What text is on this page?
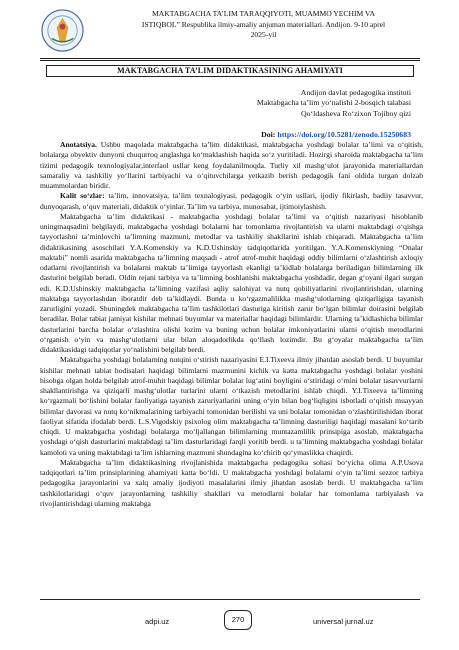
MAKTABGACHA TA’LIM TARAQQIYOTI, MUAMMO YECHIM VA
ISTIQBOL” Respublika ilmiy-amaliy anjuman materiallari. Andijon. 9-10 aprel
2025-yil
MAKTABGACHA TA’LIM DIDAKTIKASINING AHAMIYATI
Andijon davlat pedagogika instituti
Maktabgacha ta’lim yo‘nalishi 2-bosqich talabasi
Qo‘ldasheva Ro‘zixon Tojiboy qizi
Doi: https://doi.org/10.5281/zenodo.15250683

Anotatsiya. Ushbu maqolada maktabgacha ta’lim didaktikasi, maktabgacha yoshdagi bolalar ta’limi va o‘qitish, bolalarga obyektiv dunyoni chuqurroq anglashga ko‘maklashish haqida so‘z yuritiladi. Hozirgi sharoida maktabgacha ta’lim tizimi pedagogik texnologiyalar,interfaol usllar keng foydalanilmoqda. Turliy xil mashg‘ulot jarayonida materiallardan samaraliy va tashkiliy yo‘llarini tarbiyachi va o‘qituvchilarga yetkazib berish pedagogik fani oldida turgan dolzab muammolardan biridir.

Kalit so‘zlar: ta’lim, innovatsiya, ta’lim texnalogiyasi, pedagogik o‘yin usllari, ijodiy fikirlash, badiiy tasavvur, dunyoqarash, o‘quv materiali, didaktik o‘yinlar. Ta’lim va tarbiya, munosabat, ijtimoiylashish.

Maktabgacha ta’lim didaktikasi - maktabgacha yoshdagi bolalar ta’limi va o‘qitish nazariyasi hisoblanib uningmaqsadini belgilaydi, maktabgacha yoshdagi bolalarni har tomonlama rivojlantirish va ularni maktabdagi o‘qishga tayyorlashni ta’minlovchi ta’limning mazmuni, metodlar va tashkiliy shakllarini ishlab chiqaradi. Maktabgacha ta’lim didaktikasining asoschilari Y.A.Komenskiy va K.D.Ushinskiy tadqiqotlarida yoritilgan. Y.A.Komenskiyning “Onalar maktabi” nomli asarida maktabgacha ta’limning maqsadi - atrof atrof-muhit haqidagi oddiy bilimlarni o‘zlashtirish axloqiy odatlarni rivojlantirish va bolalarni maktab ta’limiga tayyorlash ekanligi ta’kidlab bolalarga beriladigan bilimlarning ilk dasturini belgilab beradi. Oldin rejani tarbiya va ta’limning boshlanishi maktabgacha yoshdadir, degan g‘oyani ilgari surgan edi. K.D.Ushinskiy maktabgacha ta’limning vazifasi aqliy salohiyat va nutq qobiliyatlarini rivojlantirishdan, ularning maktabga tayyorlashdan iboratdir deb ta’kidlaydi. Bunda u ko‘rgazmalilikka mashg‘ulotlarning qiziqarligiga tayanish zarurligini yozadi. Shuningdek maktabgacha ta’lim tashkilotlari dasturiga kiritish zarur bo‘lgan bilimlar doirasini belgilab beradilar. Bular tabiat jamiyat kishilar mehnati buyumlar va materiallar haqidagi bilimlardir. Ularning ta’kidlashicha bilimlar dasturlarini barcha bolalar o‘zlashtira olishi lozim va buning uchun bolalar imkoniyatlarini ularni o‘qitish metodlarini o‘rganish o‘yin va mashg‘ulotlarni ular bilan aloqadorlikda qo‘llash lozimdir. Bu g‘oyalar maktabgacha ta’lim didaktikasidagi tadqiqotlar yo‘nalishini belgilab berdi.

Maktabgacha yoshdagi bolalarning nutqini o‘stirish nazariyasini E.I.Tixeeva ilmiy jihatdan asoslab berdi. U buyumlar kishilar mehnati tabiat hodisalari haqidagi bilimlarni mazmunini kichik va katta maktabgacha yoshdagi bolalar yoshini hisobga olgan holda belgilab atrof-muhit haqidagi bilimlar bolalar lug‘atini boyligini o‘stiridagi o‘rnini bolalar tasavvurlarni shakllantirishga va qiziqarli mashg‘ulotlar turlarini ularni o‘tkazish metodlarini ishlab chiqdi. Y.I.Tixeeva ta’limning ko‘rgazmali bo‘lishini bolalar faoliyatiga tayanish zaruriyatlarini uning o‘yin bilan bog‘liqligini isbotladi o‘qitish muayyan bilimlar davorasi va nutq ko‘nikmalarining tarbiyachi tomonidan berilishi va uni bolalar tomonidan o‘zlashtirilishidan iborat faoliyat sifatida ifodalab berdi. L.S.Vigodskiy psixolog olim maktabgacha ta’limning dasturiligi haqidagi masalani ko‘tarib chiqdi. U maktabgacha yoshdagi bolalarga mo‘ljallangan bilimlarning muntazamlilik prinsipiga asoslab, maktabgacha yoshdagi o‘qish dasturlarini maktabdagi ta’lim dasturlaridagi farqli yoritib berdi. u ta’limning maktabgacha yoshdagi bolalar kamoloti va uning maktabdagi ta’lim ishlarning mazmuni shundagina ko‘chirib qo‘ymaslikka chaqirdi.

Maktabgacha ta’lim didaktikasining rivojlanishida maktabgacha pedagogika sohasi bo‘yicha olima A.P.Usova tadqiqotlari ta’lim prinsiplarining ahamiyati katta bo‘ldi. U maktabgacha yoshdagi bolalarni o‘yin ta’limi sezzor tarbiya pedagogika jarayonlarini va xalq amaliy ijodiyoti masalalarini ilmiy jihatdan asoslab berdi. U maktabgacha ta’lim tashkilotlaridagi o‘quv jarayonlarning tashkiliy shakllari va metodlarni bolalar har tomonlama tarbiyalash va rivojlantirishdagi ularning maktabga

adpi.uz	270	universal jurnal.uz
